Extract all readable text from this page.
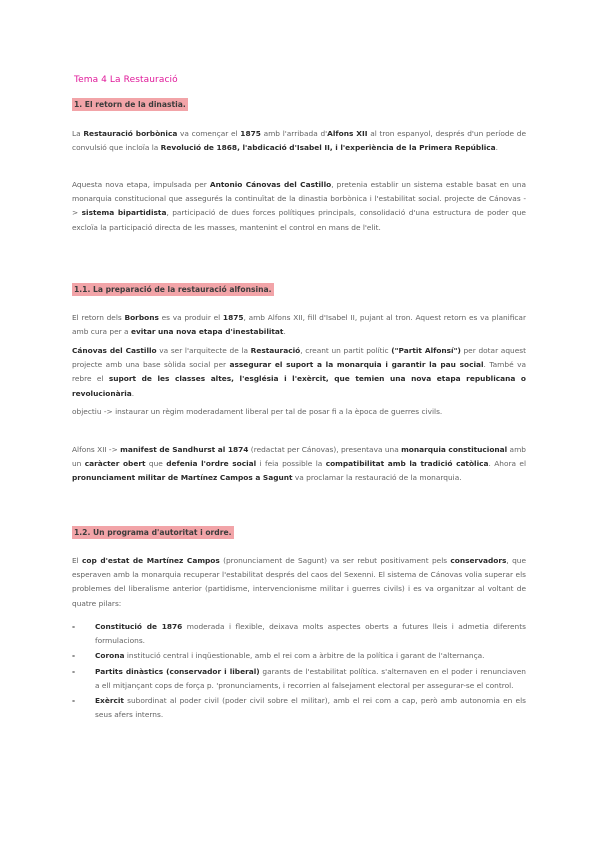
Tema 4 La Restauració
1. El retorn de la dinastia.

La Restauració borbònica va començar el 1875 amb l'arribada d'Alfons XII al tron espanyol, després d'un període de convulsió que incloïa la Revolució de 1868, l'abdicació d'Isabel II, i l'experiència de la Primera República.

Aquesta nova etapa, impulsada per Antonio Cánovas del Castillo, pretenia establir un sistema estable basat en una monarquia constitucional que assegurés la continuïtat de la dinastia borbònica i l'estabilitat social. projecte de Cánovas -> sistema bipartidista, participació de dues forces polítiques principals, consolidació d'una estructura de poder que excloïa la participació directa de les masses, mantenint el control en mans de l'elit.

1.1. La preparació de la restauració alfonsina.

El retorn dels Borbons es va produir el 1875, amb Alfons XII, fill d'Isabel II, pujant al tron. Aquest retorn es va planificar amb cura per a evitar una nova etapa d'inestabilitat.

Cánovas del Castillo va ser l'arquitecte de la Restauració, creant un partit polític ("Partit Alfonsí") per dotar aquest projecte amb una base sòlida social per assegurar el suport a la monarquia i garantir la pau social. També va rebre el suport de les classes altes, l'església i l'exèrcit, que temien una nova etapa republicana o revolucionària.

objectiu -> instaurar un règim moderadament liberal per tal de posar fi a la època de guerres civils.

Alfons XII -> manifest de Sandhurst al 1874 (redactat per Cánovas), presentava una monarquia constitucional amb un caràcter obert que defenia l'ordre social i feia possible la compatibilitat amb la tradició catòlica. Ahora el pronunciament militar de Martínez Campos a Sagunt va proclamar la restauració de la monarquia.

1.2. Un programa d'autoritat i ordre.

El cop d'estat de Martínez Campos (pronunciament de Sagunt) va ser rebut positivament pels conservadors, que esperaven amb la monarquia recuperar l'estabilitat després del caos del Sexenni. El sistema de Cánovas volia superar els problemes del liberalisme anterior (partidisme, intervencionisme militar i guerres civils) i es va organitzar al voltant de quatre pilars:

-	Constitució de 1876 moderada i flexible, deixava molts aspectes oberts a futures lleis i admetia diferents formulacions.
-	Corona institució central i inqüestionable, amb el rei com a àrbitre de la política i garant de l'alternança.
-	Partits dinàstics (conservador i liberal) garants de l'estabilitat política. s'alternaven en el poder i renunciaven a ell mitjançant cops de força p. 'pronunciaments, i recorrien al falsejament electoral per assegurar-se el control.
-	Exèrcit subordinat al poder civil (poder civil sobre el militar), amb el rei com a cap, però amb autonomia en els seus afers interns.
